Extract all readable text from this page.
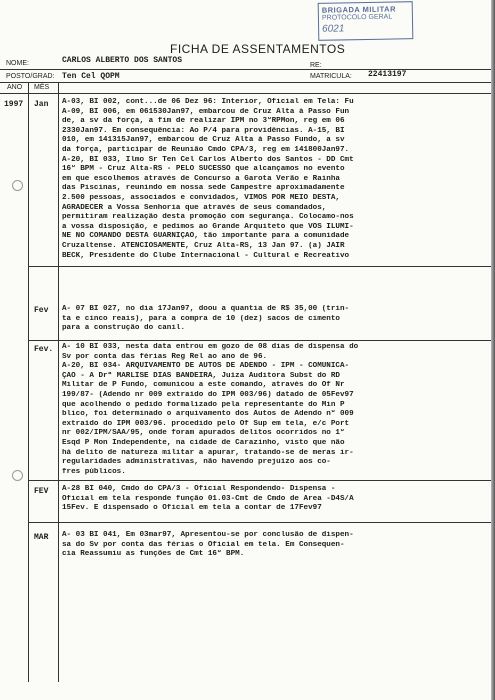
BRIGADA MILITAR
PROTOCOLO GERAL
6021
FICHA DE ASSENTAMENTOS
NOME:	CARLOS ALBERTO DOS SANTOS
POSTO/GRAD: Ten Cel QOPM
RE:
MATRICULA: 22413197
ANO MÊS
1997 Jan A-03, BI 002, cont...de 06 Dez 96: Interior, Oficial em Tela: Fu
A-09, BI 006, em 061530Jan97, embarcou de Cruz Alta à Passo Fun
de, a sv da força, a fim de realizar IPM no 3ºRPMon, reg em 06
2330Jan97. Em consequência: Ao P/4 para providências. A-15, BI
010, em 141315Jan97, embarcou de Cruz Alta à Passo Fundo, a sv
da força, participar de Reunião Cmdo CPA/3, reg em 141800Jan97.
A-20, BI 033, Ilmo Sr Ten Cel Carlos Alberto dos Santos - DD Cmt
16º BPM - Cruz Alta-RS - PELO SUCESSO que alcançamos no evento
em que escolhemos através de Concurso a Garota Verão e Rainha
das Piscinas, reunindo em nossa sede Campestre aproximadamente
2.500 pessoas, associados e convidados, VIMOS POR MEIO DESTA,
AGRADECER a Vossa Senhoria que através de seus comandados,
permitiram realização desta promoção com segurança. Colocamo-nos
a vossa disposição, e pedimos ao Grande Arquiteto que VOS ILUMI-
NE NO COMANDO DESTA GUARNIÇÃO, tão importante para a comunidade
Cruzaltense. ATENCIOSAMENTE, Cruz Alta-RS, 13 Jan 97. (a) JAIR
BECK, Presidente do Clube Internacional - Cultural e Recreativo
Fev A- 07 BI 027, no dia 17Jan97, doou a quantia de R$ 35,00 (trin-
ta e cinco reais), para a compra de 10 (dez) sacos de cimento
para a construção do canil.
Fev. A- 10 BI 033, nesta data entrou em gozo de 08 dias de dispensa do
Sv por conta das férias Reg Rel ao ano de 96.
A-20, BI 034- ARQUIVAMENTO DE AUTOS DE ADENDO - IPM - COMUNICA-
ÇÃO - A Drª MARLISE DIAS BANDEIRA, Juíza Auditora Subst do RD
Militar de P Fundo, comunicou a este comando, através do Of Nr
199/87- (Adendo nr 009 extraído do IPM 003/96) datado de 05Fev97
que acolhendo o pedido formalizado pela representante do Min P
blico, foi determinado o arquivamento dos Autos de Adendo nº 009
extraído do IPM 003/96. procedido pelo Of Sup em tela, e/c Port
nr 002/IPM/SAA/95, onde foram apurados delitos ocorridos no 1º
Esqd P Mon Independente, na cidade de Carazinho, visto que não
há delito de natureza militar a apurar, tratando-se de meras ir-
regularidades administrativas, não havendo prejuízo aos co-
fres públicos.
FEV A-28 BI 040, Cmdo do CPA/3 - Oficial Respondendo- Dispensa -
Oficial em tela responde função 01.03-Cmt de Cmdo de Area -D4S/A
15Fev. É dispensado o Oficial em tela a contar de 17Fev97
MAR A- 03 BI 041, Em 03mar97, Apresentou-se por conclusão de dispen-
sa do Sv por conta das férias o Oficial em tela. Em Consequen-
cia Reassumiu as funções de Cmt 16º BPM.
